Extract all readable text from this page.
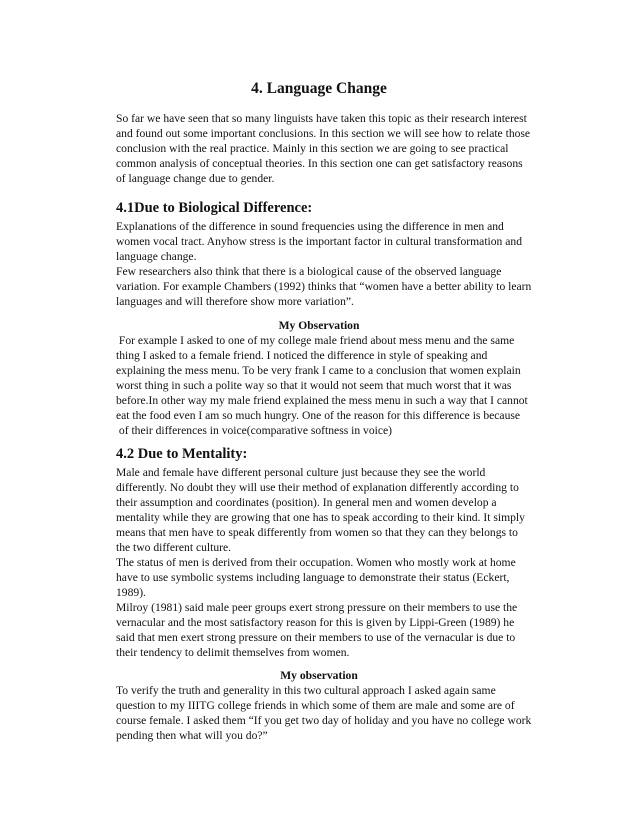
4. Language Change

So far we have seen that so many linguists have taken this topic as their research interest

and found out some important conclusions. In this section we will see how to relate those

conclusion with the real practice. Mainly in this section we are going to see practical

common analysis of conceptual theories. In this section one can get satisfactory reasons

of language change due to gender.

4.1Due to Biological Difference:

Explanations of the difference in sound frequencies using the difference in men and

women vocal tract. Anyhow stress is the important factor in cultural transformation and

language change.

Few researchers also think that there is a biological cause of the observed language

variation. For example Chambers (1992) thinks that “women have a better ability to learn

languages and will therefore show more variation”.

My Observation

For example I asked to one of my college male friend about mess menu and the same

thing I asked to a female friend. I noticed the difference in style of speaking and

explaining the mess menu. To be very frank I came to a conclusion that women explain

worst thing in such a polite way so that it would not seem that much worst that it was

before.In other way my male friend explained the mess menu in such a way that I cannot

eat the food even I am so much hungry. One of the reason for this difference is because

of their differences in voice(comparative softness in voice)

4.2 Due to Mentality:

Male and female have different personal culture just because they see the world

differently. No doubt they will use their method of explanation differently according to

their assumption and coordinates (position). In general men and women develop a

mentality while they are growing that one has to speak according to their kind. It simply

means that men have to speak differently from women so that they can they belongs to

the two different culture.

The status of men is derived from their occupation. Women who mostly work at home

have to use symbolic systems including language to demonstrate their status (Eckert,

1989).

Milroy (1981) said male peer groups exert strong pressure on their members to use the

vernacular and the most satisfactory reason for this is given by Lippi-Green (1989) he

said that men exert strong pressure on their members to use of the vernacular is due to

their tendency to delimit themselves from women.

My observation

To verify the truth and generality in this two cultural approach I asked again same

question to my IIITG college friends in which some of them are male and some are of

course female. I asked them “If you get two day of holiday and you have no college work

pending then what will you do?”
